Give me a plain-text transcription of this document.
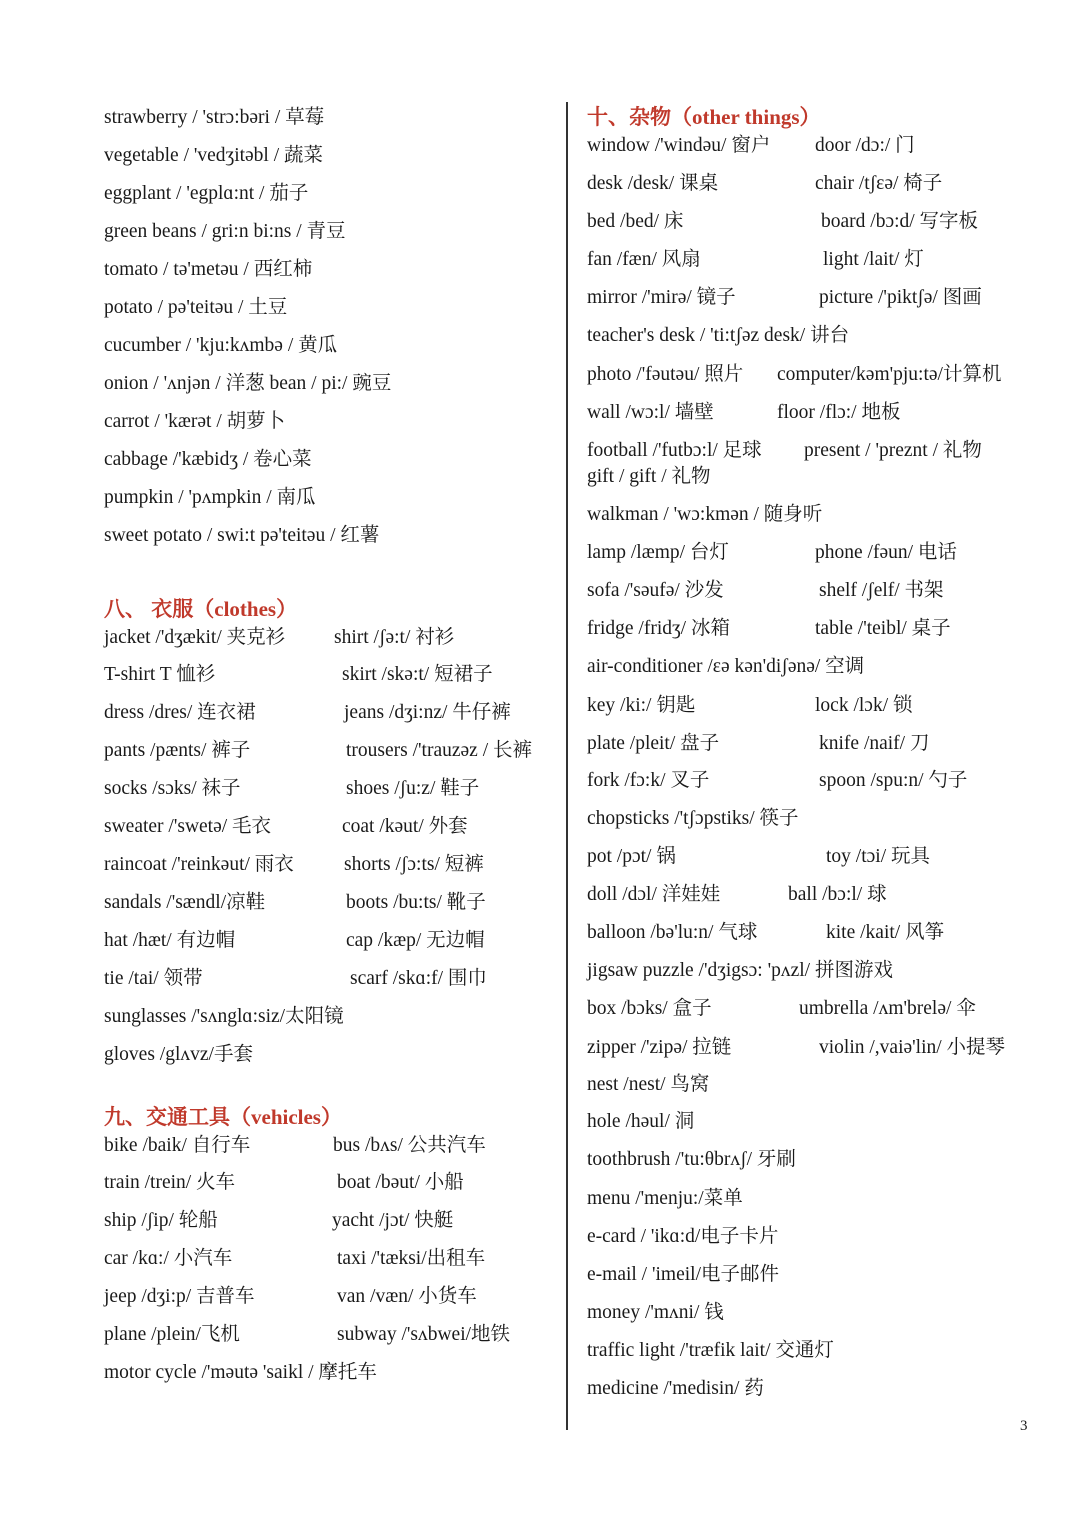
strawberry / 'strɔ:bəri / 草莓
vegetable / 'vedʒitəbl / 蔬菜
eggplant / 'egplɑ:nt / 茄子
green beans / gri:n bi:ns / 青豆
tomato / tə'metəu / 西红柿
potato / pə'teitəu / 土豆
cucumber / 'kju:kʌmbə / 黄瓜
onion / 'ʌnjən / 洋葱 bean / pi:/ 豌豆
carrot / 'kærət / 胡萝卜
cabbage /'kæbidʒ / 卷心菜
pumpkin / 'pʌmpkin / 南瓜
sweet potato / swi:t pə'teitəu / 红薯
八、 衣服（clothes）
jacket /'dʒækit/ 夹克衫	shirt /ʃə:t/ 衬衫
T-shirt T 恤衫	skirt /skə:t/ 短裙子
dress /dres/ 连衣裙	jeans /dʒi:nz/ 牛仔裤
pants /pænts/ 裤子	trousers /'trauzəz / 长裤
socks /sɔks/ 袜子	shoes /ʃu:z/ 鞋子
sweater /'swetə/ 毛衣	coat /kəut/ 外套
raincoat /'reinkəut/ 雨衣	shorts /ʃɔ:ts/ 短裤
sandals /'sændl/凉鞋	boots /bu:ts/ 靴子
hat /hæt/ 有边帽	cap /kæp/ 无边帽
tie /tai/ 领带	scarf /skɑ:f/ 围巾
sunglasses /'sʌnglɑ:siz/太阳镜
gloves /glʌvz/手套
九、交通工具（vehicles）
bike /baik/ 自行车	bus /bʌs/ 公共汽车
train /trein/ 火车	boat /bəut/ 小船
ship /ʃip/ 轮船	yacht /jɔt/ 快艇
car /kɑ:/ 小汽车	taxi /'tæksi/出租车
jeep /dʒi:p/ 吉普车	van /væn/ 小货车
plane /plein/飞机	subway /'sʌbwei/地铁
motor cycle /'məutə 'saikl / 摩托车
十、杂物（other things）
window /'windəu/ 窗户 door /dɔ:/ 门
desk /desk/ 课桌	chair /tʃεə/ 椅子
bed /bed/ 床	board /bɔ:d/ 写字板
fan /fæn/ 风扇	light /lait/ 灯
mirror /'mirə/ 镜子	picture /'piktʃə/ 图画
teacher's desk / 'ti:tʃəz desk/ 讲台
photo /'fəutəu/ 照片 computer/kəm'pju:tə/计算机
wall /wɔ:l/ 墙壁	floor /flɔ:/ 地板
football /'futbɔ:l/ 足球 present / 'preznt / 礼物
gift / gift / 礼物
walkman / 'wɔ:kmən / 随身听
lamp /læmp/ 台灯	phone /fəun/ 电话
sofa /'səufə/ 沙发	shelf /ʃelf/ 书架
fridge /fridʒ/ 冰箱	table /'teibl/ 桌子
air-conditioner /εə kən'diʃənə/ 空调
key /ki:/ 钥匙	lock /lɔk/ 锁
plate /pleit/ 盘子	knife /naif/ 刀
fork /fɔ:k/ 叉子	spoon /spu:n/ 勺子
chopsticks /'tʃɔpstiks/ 筷子
pot /pɔt/ 锅	toy /tɔi/ 玩具
doll /dɔl/ 洋娃娃	ball /bɔ:l/ 球
balloon /bə'lu:n/ 气球	kite /kait/ 风筝
jigsaw puzzle /'dʒigsɔ: 'pʌzl/ 拼图游戏
box /bɔks/ 盒子	umbrella /ʌm'brelə/ 伞
zipper /'zipə/ 拉链	violin /,vaiə'lin/ 小提琴
nest /nest/ 鸟窝
hole /həul/ 洞
toothbrush /'tu:θbrʌʃ/ 牙刷
menu /'menju:/菜单
e-card / 'ikɑ:d/电子卡片
e-mail / 'imeil/电子邮件
money /'mʌni/ 钱
traffic light /'træfik lait/ 交通灯
medicine /'medisin/ 药
3
